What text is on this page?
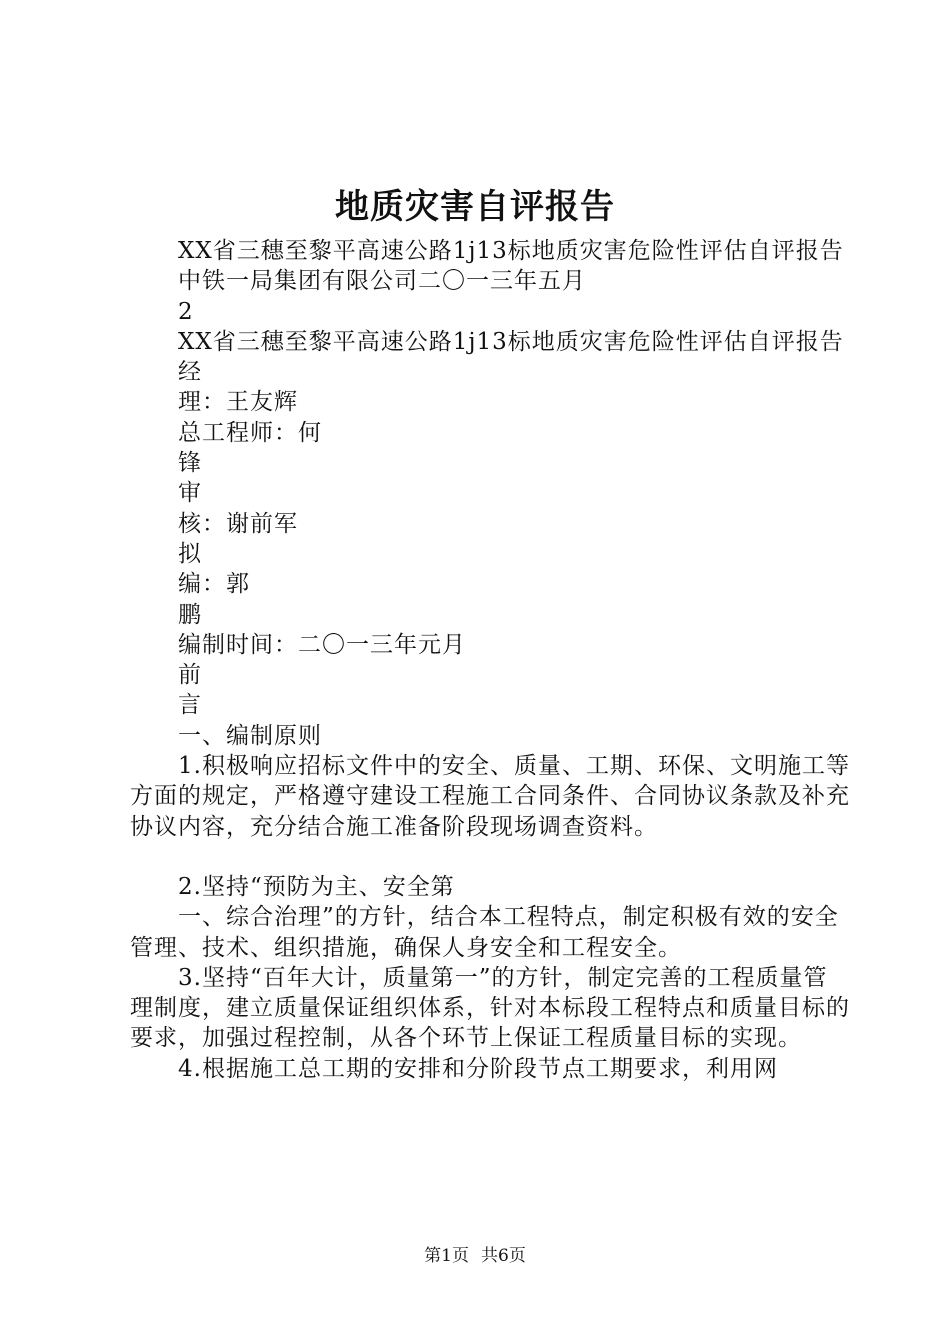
地质灾害自评报告

XX省三穗至黎平高速公路1j13标地质灾害危险性评估自评报告

中铁一局集团有限公司二〇一三年五月

2

XX省三穗至黎平高速公路1j13标地质灾害危险性评估自评报告

经

理：王友辉

总工程师：何

锋

审

核：谢前军

拟

编：郭

鹏

编制时间：二〇一三年元月

前

言

一、编制原则

1.积极响应招标文件中的安全、质量、工期、环保、文明施工等方面的规定，严格遵守建设工程施工合同条件、合同协议条款及补充协议内容，充分结合施工准备阶段现场调查资料。

2.坚持“预防为主、安全第

一、综合治理”的方针，结合本工程特点，制定积极有效的安全管理、技术、组织措施，确保人身安全和工程安全。

3.坚持“百年大计，质量第一”的方针，制定完善的工程质量管理制度，建立质量保证组织体系，针对本标段工程特点和质量目标的要求，加强过程控制，从各个环节上保证工程质量目标的实现。

4.根据施工总工期的安排和分阶段节点工期要求，利用网

第1页 共6页
